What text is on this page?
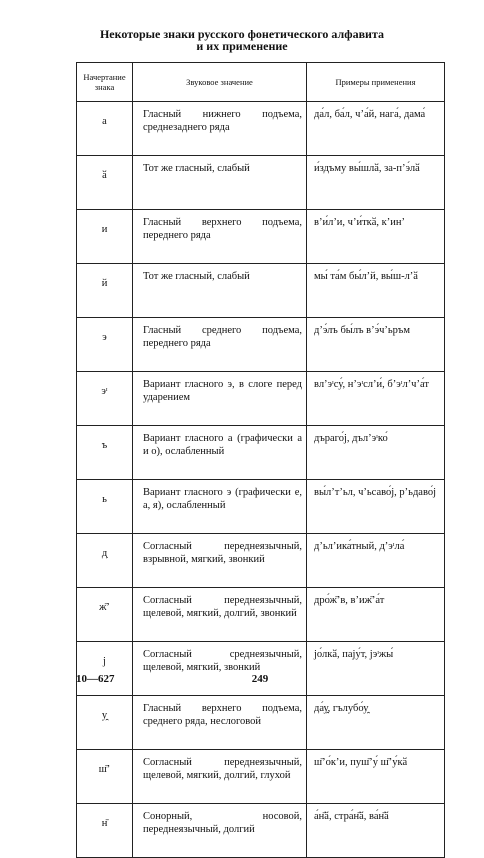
Некоторые знаки русского фонетического алфавита
и их применение
Начертание знака	Звуковое значение	Примеры применения
а	Гласный нижнего подъема, среднезаднего ряда	да́л, ба́л, ч’а́й, нага́, дама́
ӑ	Тот же гласный, слабый	и́здъму вы́шлӑ, за-п’э́лӑ
и	Гласный верхнего подъема, переднего ряда	в’и́л’и, ч’и́ткӑ, к’ин’
й	Тот же гласный, слабый	мы́ та́м бы́л’й, вы́ш-л’ӑ
э	Гласный среднего подъема, переднего ряда	д’э́лъ бы́лъ в’э́ч’ьръм
эᶦ	Вариант гласного э, в слоге перед ударением	вл’эᶦсу́, н’эᶦсл’и́, б’эᶦл’ч’а́т
ъ	Вариант гласного а (графически а и о), ослабленный	дъраго́j, дъл’эᶦко́
ь	Вариант гласного э (графически е, а, я), ослабленный	вы́л’т’ьл, ч’ьсаво́j, р’ьдаво́j
д̣	Согласный переднеязычный, взрывной, мягкий, звонкий	д’ьл’ика́тный, д’эᶦла́
ж̄’	Согласный переднеязычный, щелевой, мягкий, долгий, звонкий	дро́ж̄’в, в’иж̄’а́т
j	Согласный среднеязычный, щелевой, мягкий, звонкий	jо́лкӑ, паjу́т, jэᶦжы́
у̯	Гласный верхнего подъема, среднего ряда, неслоговой	да́у̯, гълубо́у̯
ш̄’	Согласный переднеязычный, щелевой, мягкий, долгий, глухой	ш̄’о́к’и, пуш̄’у́ ш̄’у́кӑ
н̄	Сонорный, носовой, переднеязычный, долгий	а́н̄ӑ, стра́н̄ӑ, ва́н̄ӑ
10—627	249
